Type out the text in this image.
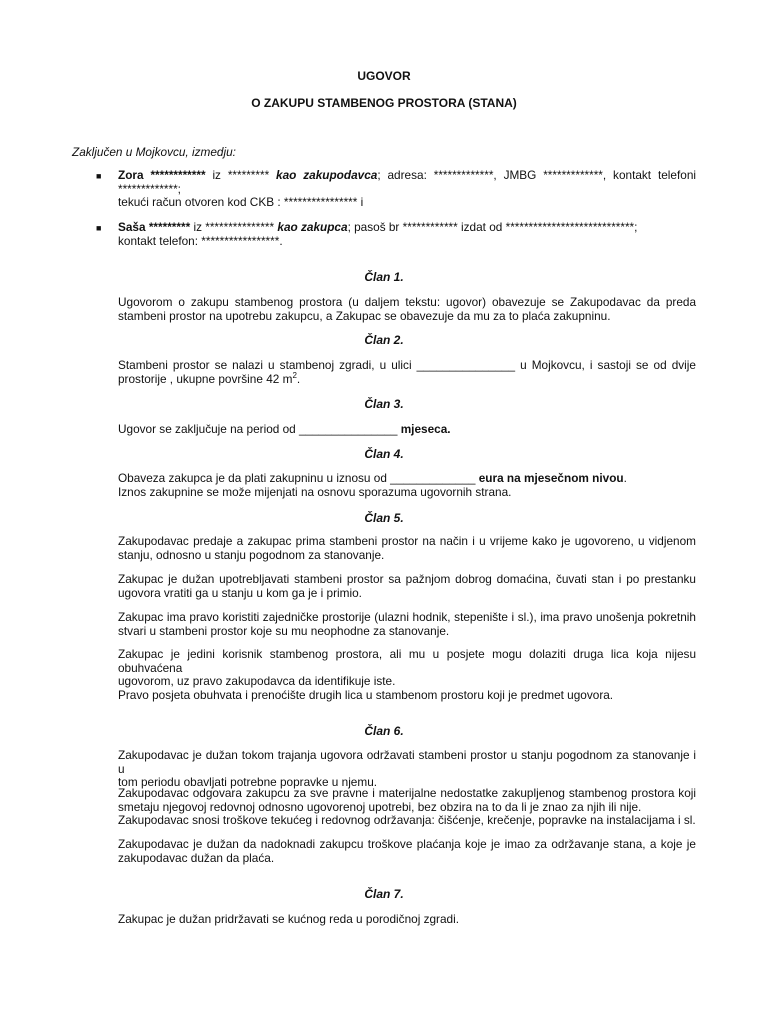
UGOVOR
O ZAKUPU STAMBENOG PROSTORA (STANA)
Zaključen u Mojkovcu, izmedju:
■ Zora ************ iz ********* kao zakupodavca; adresa: *************, JMBG *************, kontakt telefoni
*************;
tekući račun otvoren kod CKB : **************** i
■ Saša ********* iz *************** kao zakupca; pasoš br ************ izdat od ****************************;
kontakt telefon: *****************.
Član 1.
Ugovorom o zakupu stambenog prostora (u daljem tekstu: ugovor) obavezuje se Zakupodavac da preda
stambeni prostor na upotrebu zakupcu, a Zakupac se obavezuje da mu za to plaća zakupninu.
Član 2.
Stambeni prostor se nalazi u stambenoj zgradi, u ulici _______________ u Mojkovcu, i sastoji se od dvije
prostorije , ukupne površine 42 $m^2$.
Član 3.
Ugovor se zaključuje na period od _______________ mjeseca.
Član 4.
Obaveza zakupca je da plati zakupninu u iznosu od _____________ eura na mjesečnom nivou.
Iznos zakupnine se može mijenjati na osnovu sporazuma ugovornih strana.
Član 5.
Zakupodavac predaje a zakupac prima stambeni prostor na način i u vrijeme kako je ugovoreno, u vidjenom
stanju, odnosno u stanju pogodnom za stanovanje.
Zakupac je dužan upotrebljavati stambeni prostor sa pažnjom dobrog domaćina, čuvati stan i po prestanku
ugovora vratiti ga u stanju u kom ga je i primio.
Zakupac ima pravo koristiti zajedničke prostorije (ulazni hodnik, stepenište i sl.), ima pravo unošenja pokretnih
stvari u stambeni prostor koje su mu neophodne za stanovanje.
Zakupac je jedini korisnik stambenog prostora, ali mu u posjete mogu dolaziti druga lica koja nijesu obuhvaćena
ugovorom, uz pravo zakupodavca da identifikuje iste.
Pravo posjeta obuhvata i prenoćište drugih lica u stambenom prostoru koji je predmet ugovora.
Član 6.
Zakupodavac je dužan tokom trajanja ugovora održavati stambeni prostor u stanju pogodnom za stanovanje i u
tom periodu obavljati potrebne popravke u njemu.
Zakupodavac odgovara zakupcu za sve pravne i materijalne nedostatke zakupljenog stambenog prostora koji
smetaju njegovoj redovnoj odnosno ugovorenoj upotrebi, bez obzira na to da li je znao za njih ili nije.
Zakupodavac snosi troškove tekućeg i redovnog održavanja: čišćenje, krečenje, popravke na instalacijama i sl.
Zakupodavac je dužan da nadoknadi zakupcu troškove plaćanja koje je imao za održavanje stana, a koje je
zakupodavac dužan da plaća.
Član 7.
Zakupac je dužan pridržavati se kućnog reda u porodičnoj zgradi.
